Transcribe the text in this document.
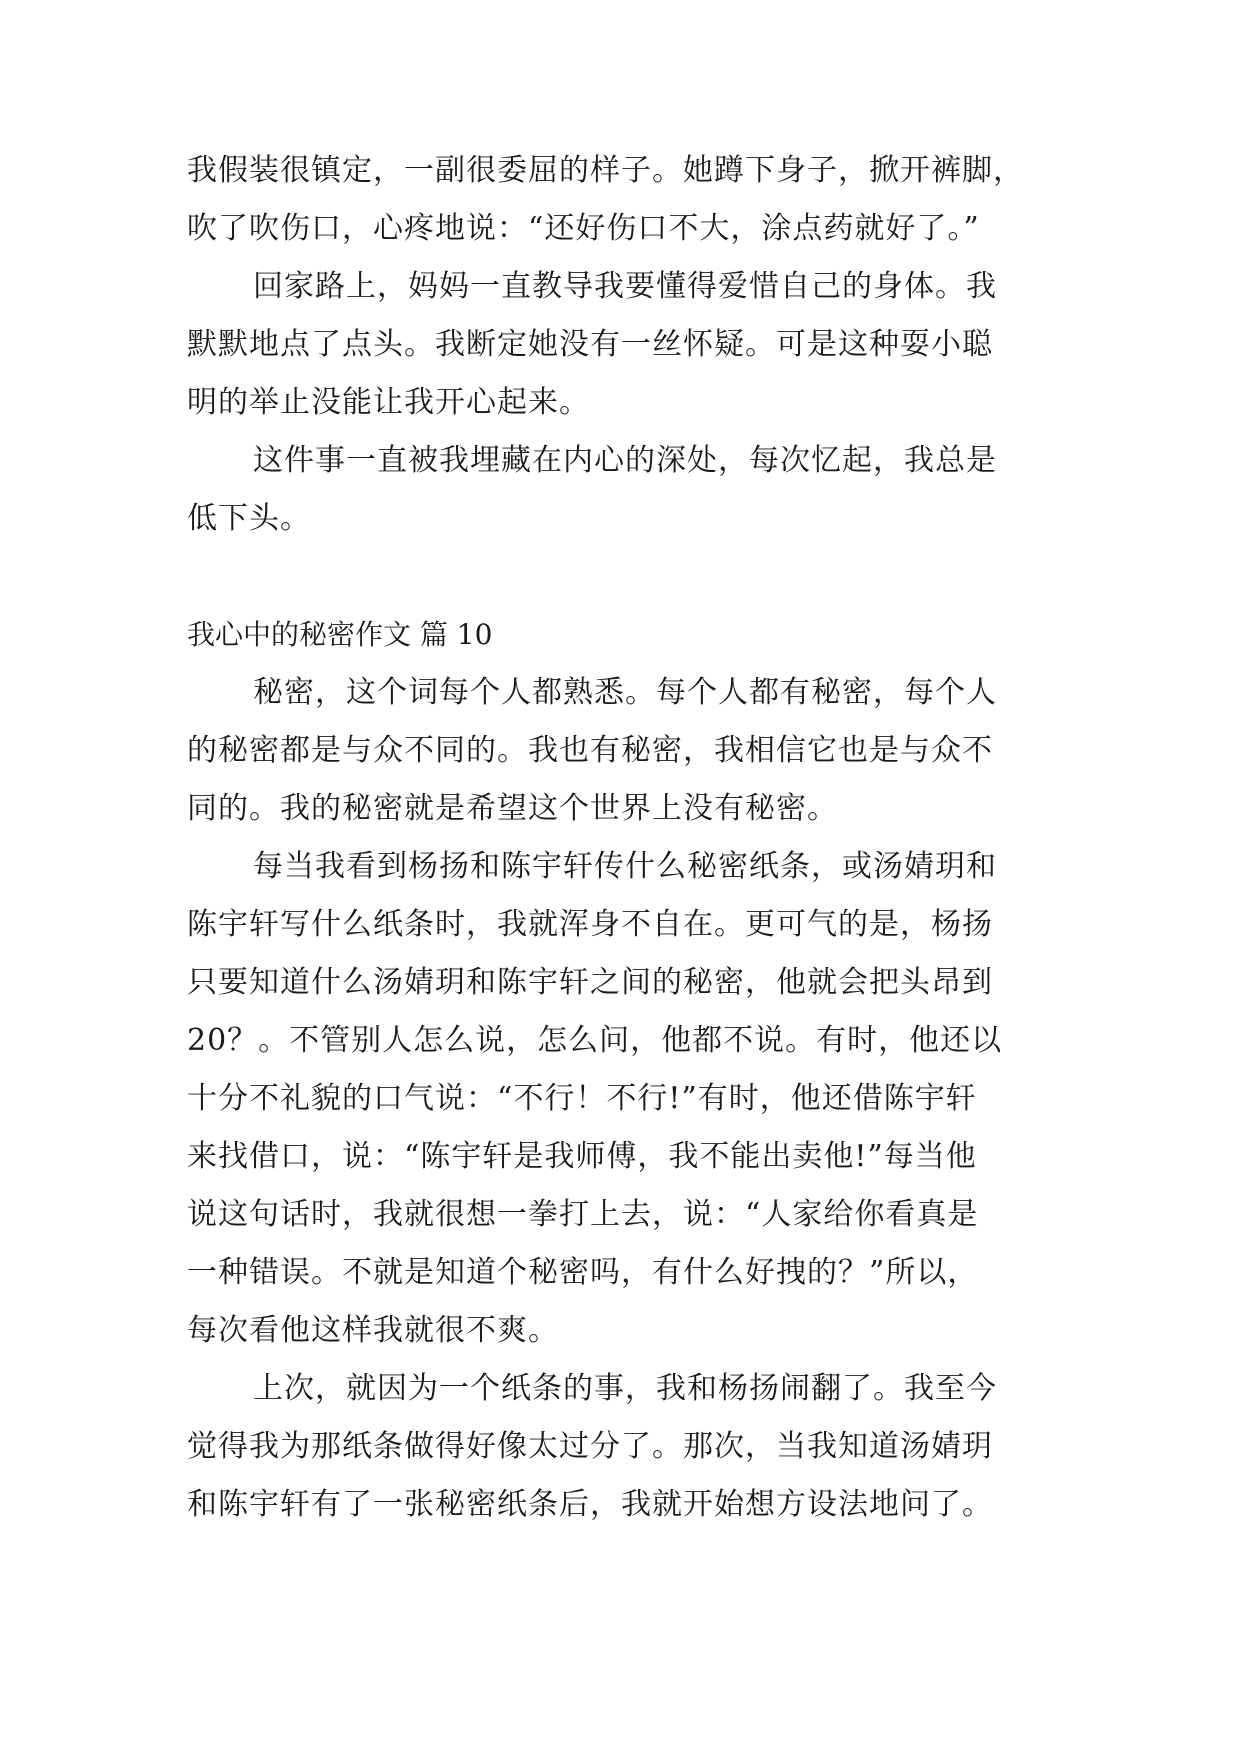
我假装很镇定，一副很委屈的样子。她蹲下身子，掀开裤脚，
吹了吹伤口，心疼地说：“还好伤口不大，涂点药就好了。”
回家路上，妈妈一直教导我要懂得爱惜自己的身体。我
默默地点了点头。我断定她没有一丝怀疑。可是这种耍小聪
明的举止没能让我开心起来。
这件事一直被我埋藏在内心的深处，每次忆起，我总是
低下头。
我心中的秘密作文 篇 10
秘密，这个词每个人都熟悉。每个人都有秘密，每个人
的秘密都是与众不同的。我也有秘密，我相信它也是与众不
同的。我的秘密就是希望这个世界上没有秘密。
每当我看到杨扬和陈宇轩传什么秘密纸条，或汤婧玥和
陈宇轩写什么纸条时，我就浑身不自在。更可气的是，杨扬
只要知道什么汤婧玥和陈宇轩之间的秘密，他就会把头昂到
20？。不管别人怎么说，怎么问，他都不说。有时，他还以
十分不礼貌的口气说：“不行！不行!”有时，他还借陈宇轩
来找借口，说：“陈宇轩是我师傅，我不能出卖他!”每当他
说这句话时，我就很想一拳打上去，说：“人家给你看真是
一种错误。不就是知道个秘密吗，有什么好拽的？”所以，
每次看他这样我就很不爽。
上次，就因为一个纸条的事，我和杨扬闹翻了。我至今
觉得我为那纸条做得好像太过分了。那次，当我知道汤婧玥
和陈宇轩有了一张秘密纸条后，我就开始想方设法地问了。
